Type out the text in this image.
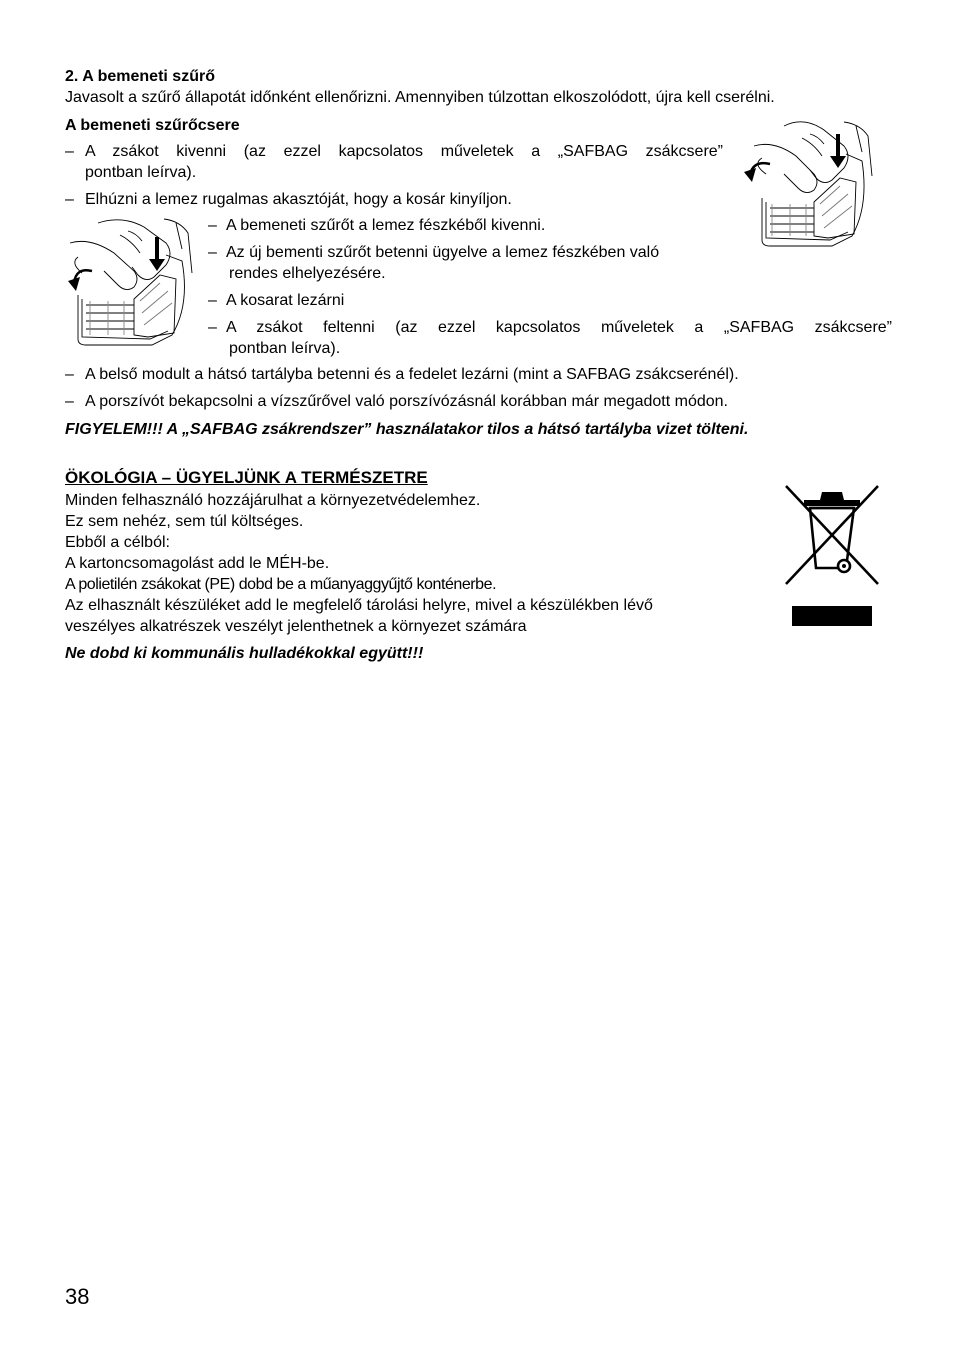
2. A bemeneti szűrő
Javasolt a szűrő állapotát időnként ellenőrizni. Amennyiben túlzottan elkoszolódott, újra kell cserélni.
A bemeneti szűrőcsere
– A zsákot kivenni (az ezzel kapcsolatos műveletek a „SAFBAG zsákcsere”
pontban leírva).
– Elhúzni a lemez rugalmas akasztóját, hogy a kosár kinyíljon.
– A bemeneti szűrőt a lemez fészkéből kivenni.
– Az új bementi szűrőt betenni ügyelve a lemez fészkében való
rendes elhelyezésére.
– A kosarat lezárni
– A zsákot feltenni (az ezzel kapcsolatos műveletek a „SAFBAG zsákcsere”
pontban leírva).
– A belső modult a hátsó tartályba betenni és a fedelet lezárni (mint a SAFBAG zsákcserénél).
– A porszívót bekapcsolni a vízszűrővel való porszívózásnál korábban már megadott módon.
FIGYELEM!!! A „SAFBAG zsákrendszer” használatakor tilos a hátsó tartályba vizet tölteni.
ÖKOLÓGIA – ÜGYELJÜNK A TERMÉSZETRE
Minden felhasználó hozzájárulhat a környezetvédelemhez.
Ez sem nehéz, sem túl költséges.
Ebből a célból:
A kartoncsomagolást add le MÉH-be.
A polietilén zsákokat (PE) dobd be a műanyaggyűjtő konténerbe.
Az elhasznált készüléket add le megfelelő tárolási helyre, mivel a készülékben lévő
veszélyes alkatrészek veszélyt jelenthetnek a környezet számára
Ne dobd ki kommunális hulladékokkal együtt!!!
38
